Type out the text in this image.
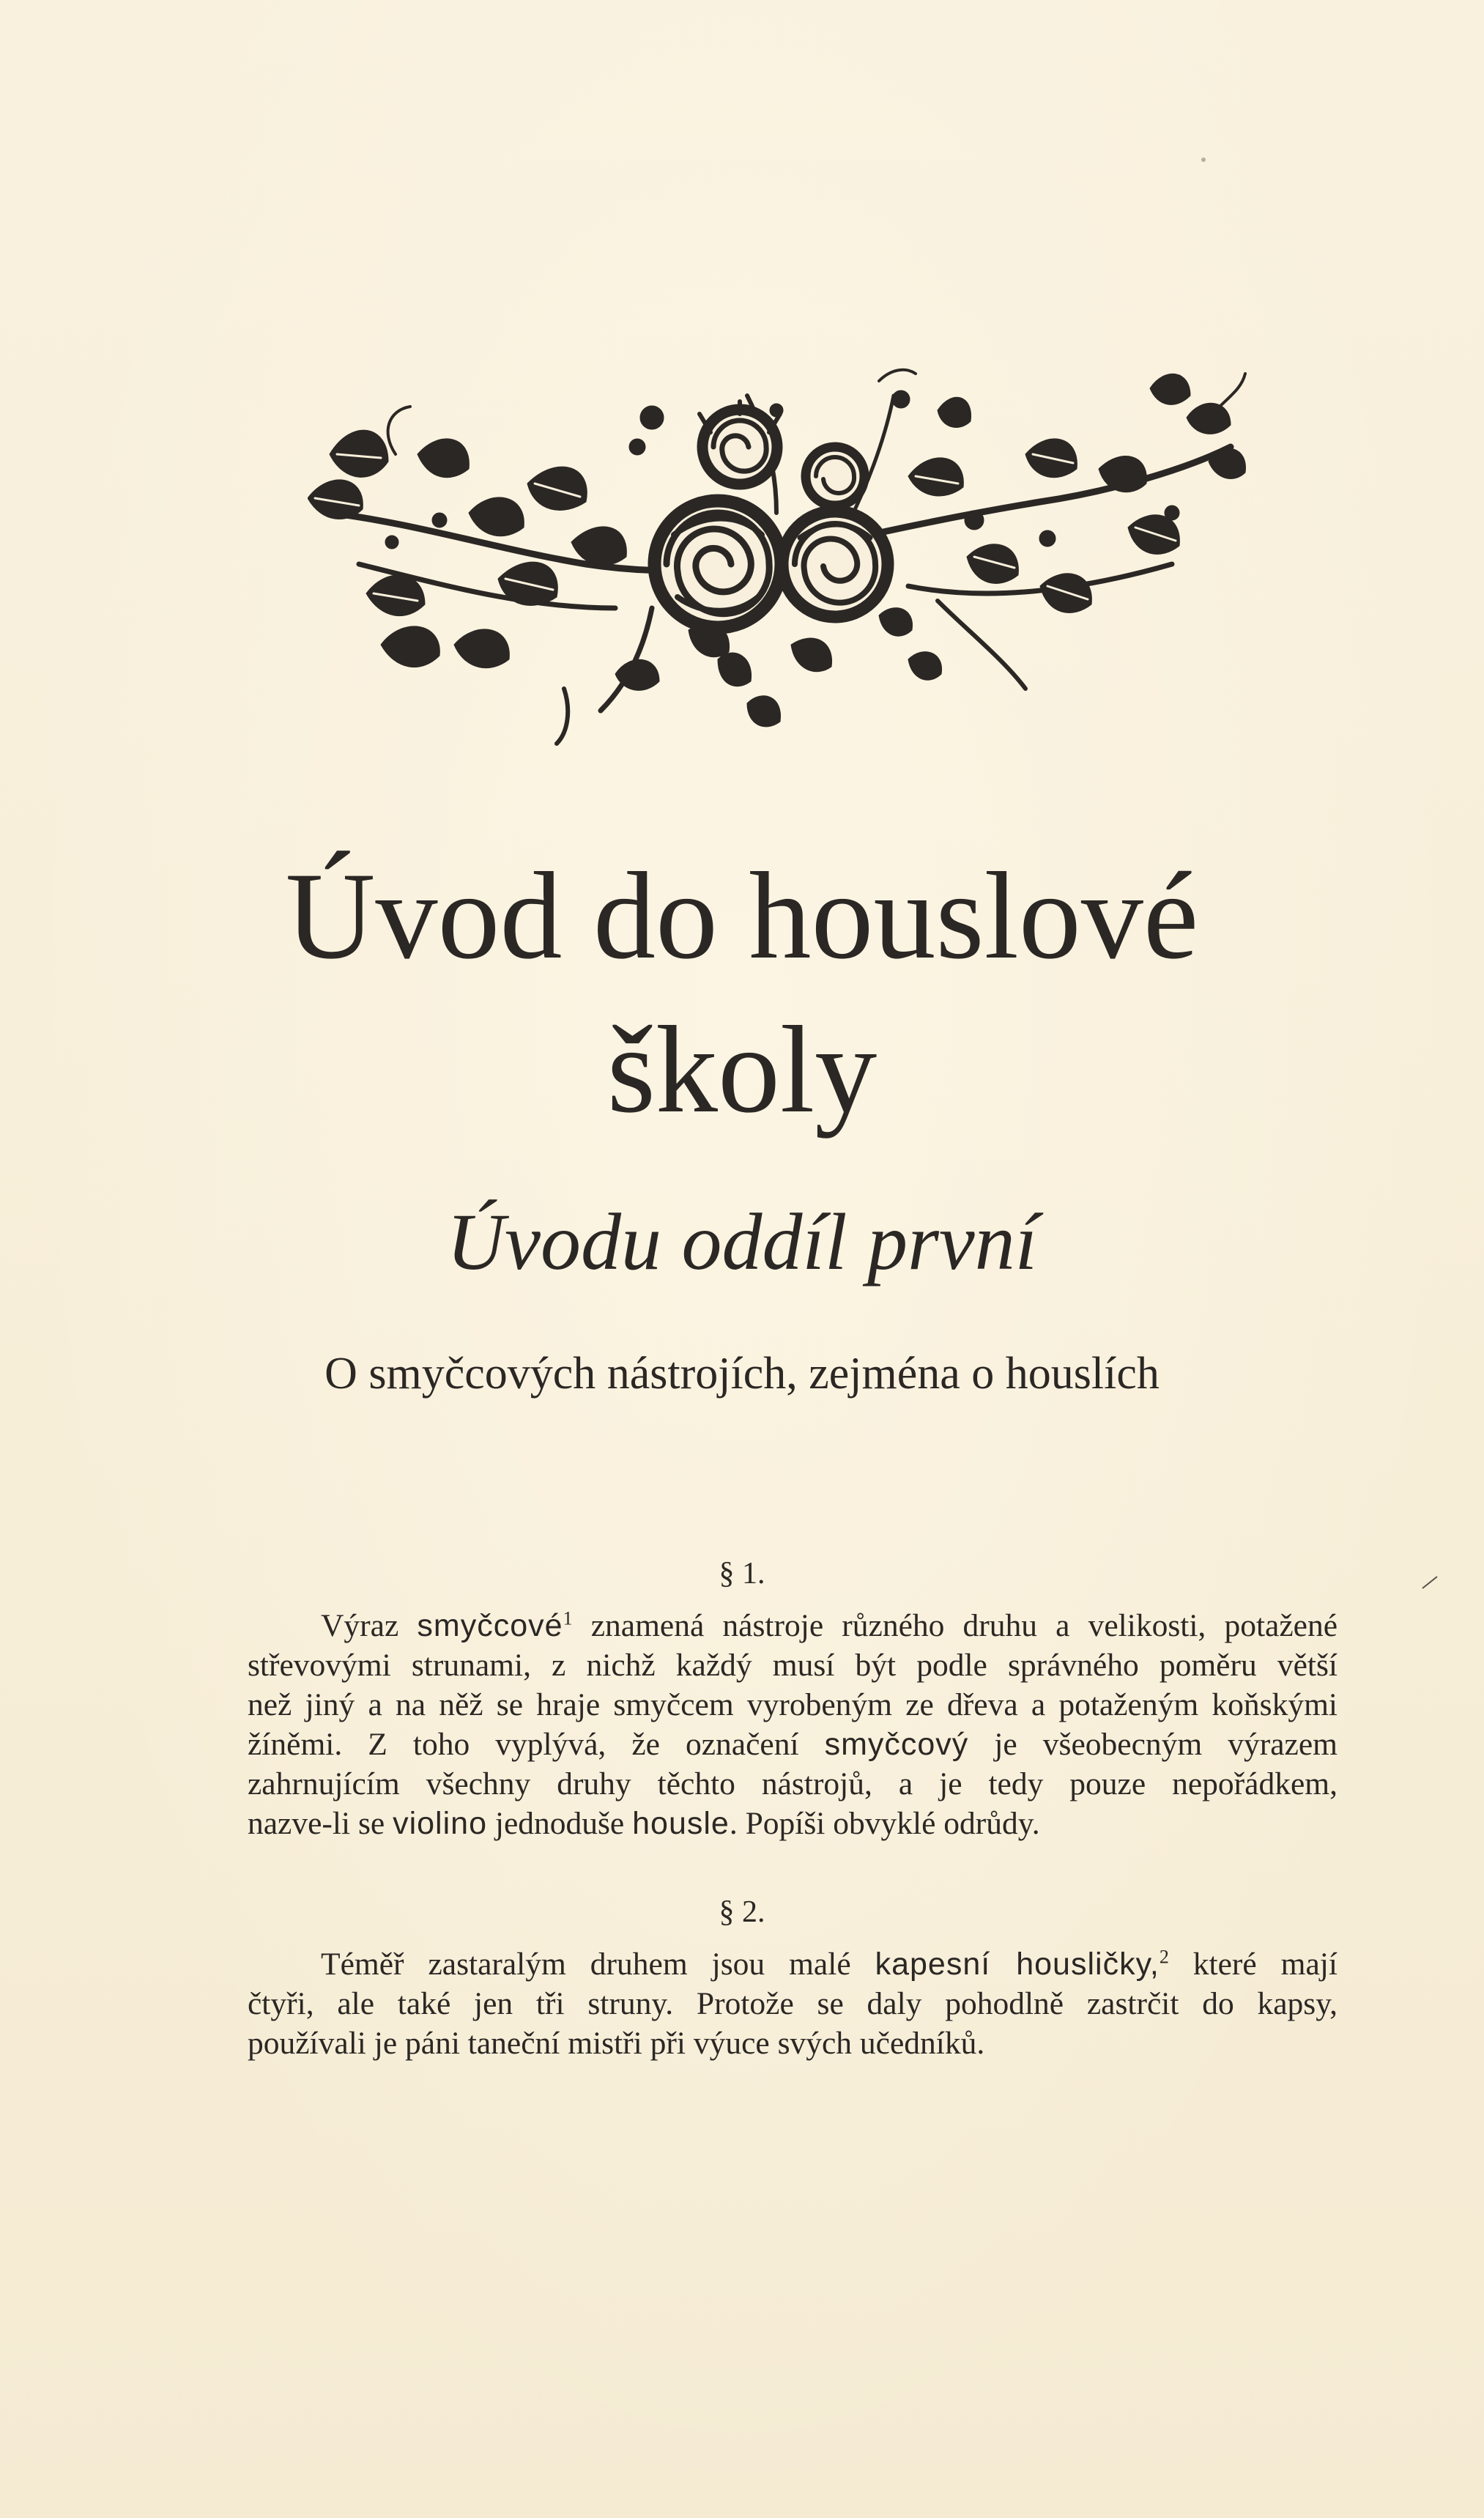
Úvod do houslové
školy
Úvodu oddíl první
O smyčcových nástrojích, zejména o houslích
§ 1.
Výraz smyčcové$^1$ znamená nástroje různého druhu a velikosti, potažené
střevovými strunami, z nichž každý musí být podle správného poměru větší
než jiný a na něž se hraje smyčcem vyrobeným ze dřeva a potaženým koňskými
žíněmi. Z toho vyplývá, že označení smyčcový je všeobecným výrazem
zahrnujícím všechny druhy těchto nástrojů, a je tedy pouze nepořádkem,
nazve-li se violino jednoduše housle. Popíši obvyklé odrůdy.
§ 2.
Téměř zastaralým druhem jsou malé kapesní housličky,$^2$ které mají
čtyři, ale také jen tři struny. Protože se daly pohodlně zastrčit do kapsy,
používali je páni taneční mistři při výuce svých učedníků.
